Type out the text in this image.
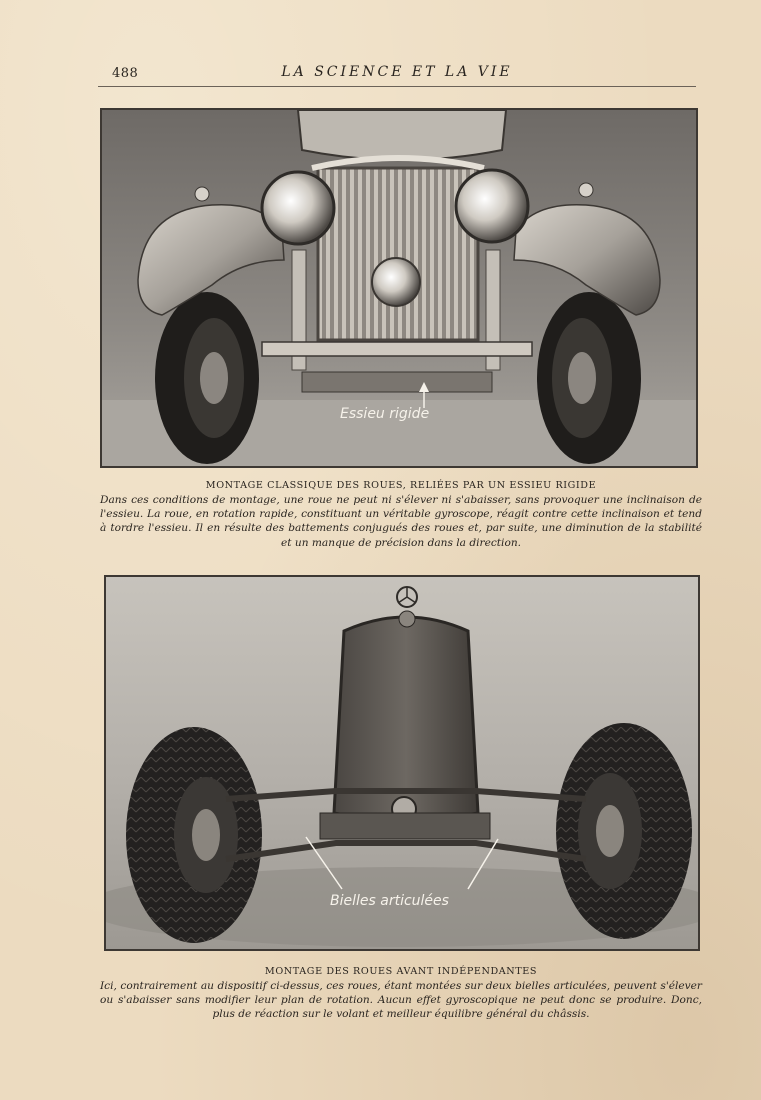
488	LA SCIENCE ET LA VIE
Essieu rigide

MONTAGE CLASSIQUE DES ROUES, RELIÉES PAR UN ESSIEU RIGIDE

Dans ces conditions de montage, une roue ne peut ni s'élever ni s'abaisser, sans provoquer une inclinaison de l'essieu. La roue, en rotation rapide, constituant un véritable gyroscope, réagit contre cette inclinaison et tend à tordre l'essieu. Il en résulte des battements conjugués des roues et, par suite, une diminution de la stabilité et un manque de précision dans la direction.

Bielles articulées

MONTAGE DES ROUES AVANT INDÉPENDANTES

Ici, contrairement au dispositif ci-dessus, ces roues, étant montées sur deux bielles articulées, peuvent s'élever ou s'abaisser sans modifier leur plan de rotation. Aucun effet gyroscopique ne peut donc se produire. Donc, plus de réaction sur le volant et meilleur équilibre général du châssis.
